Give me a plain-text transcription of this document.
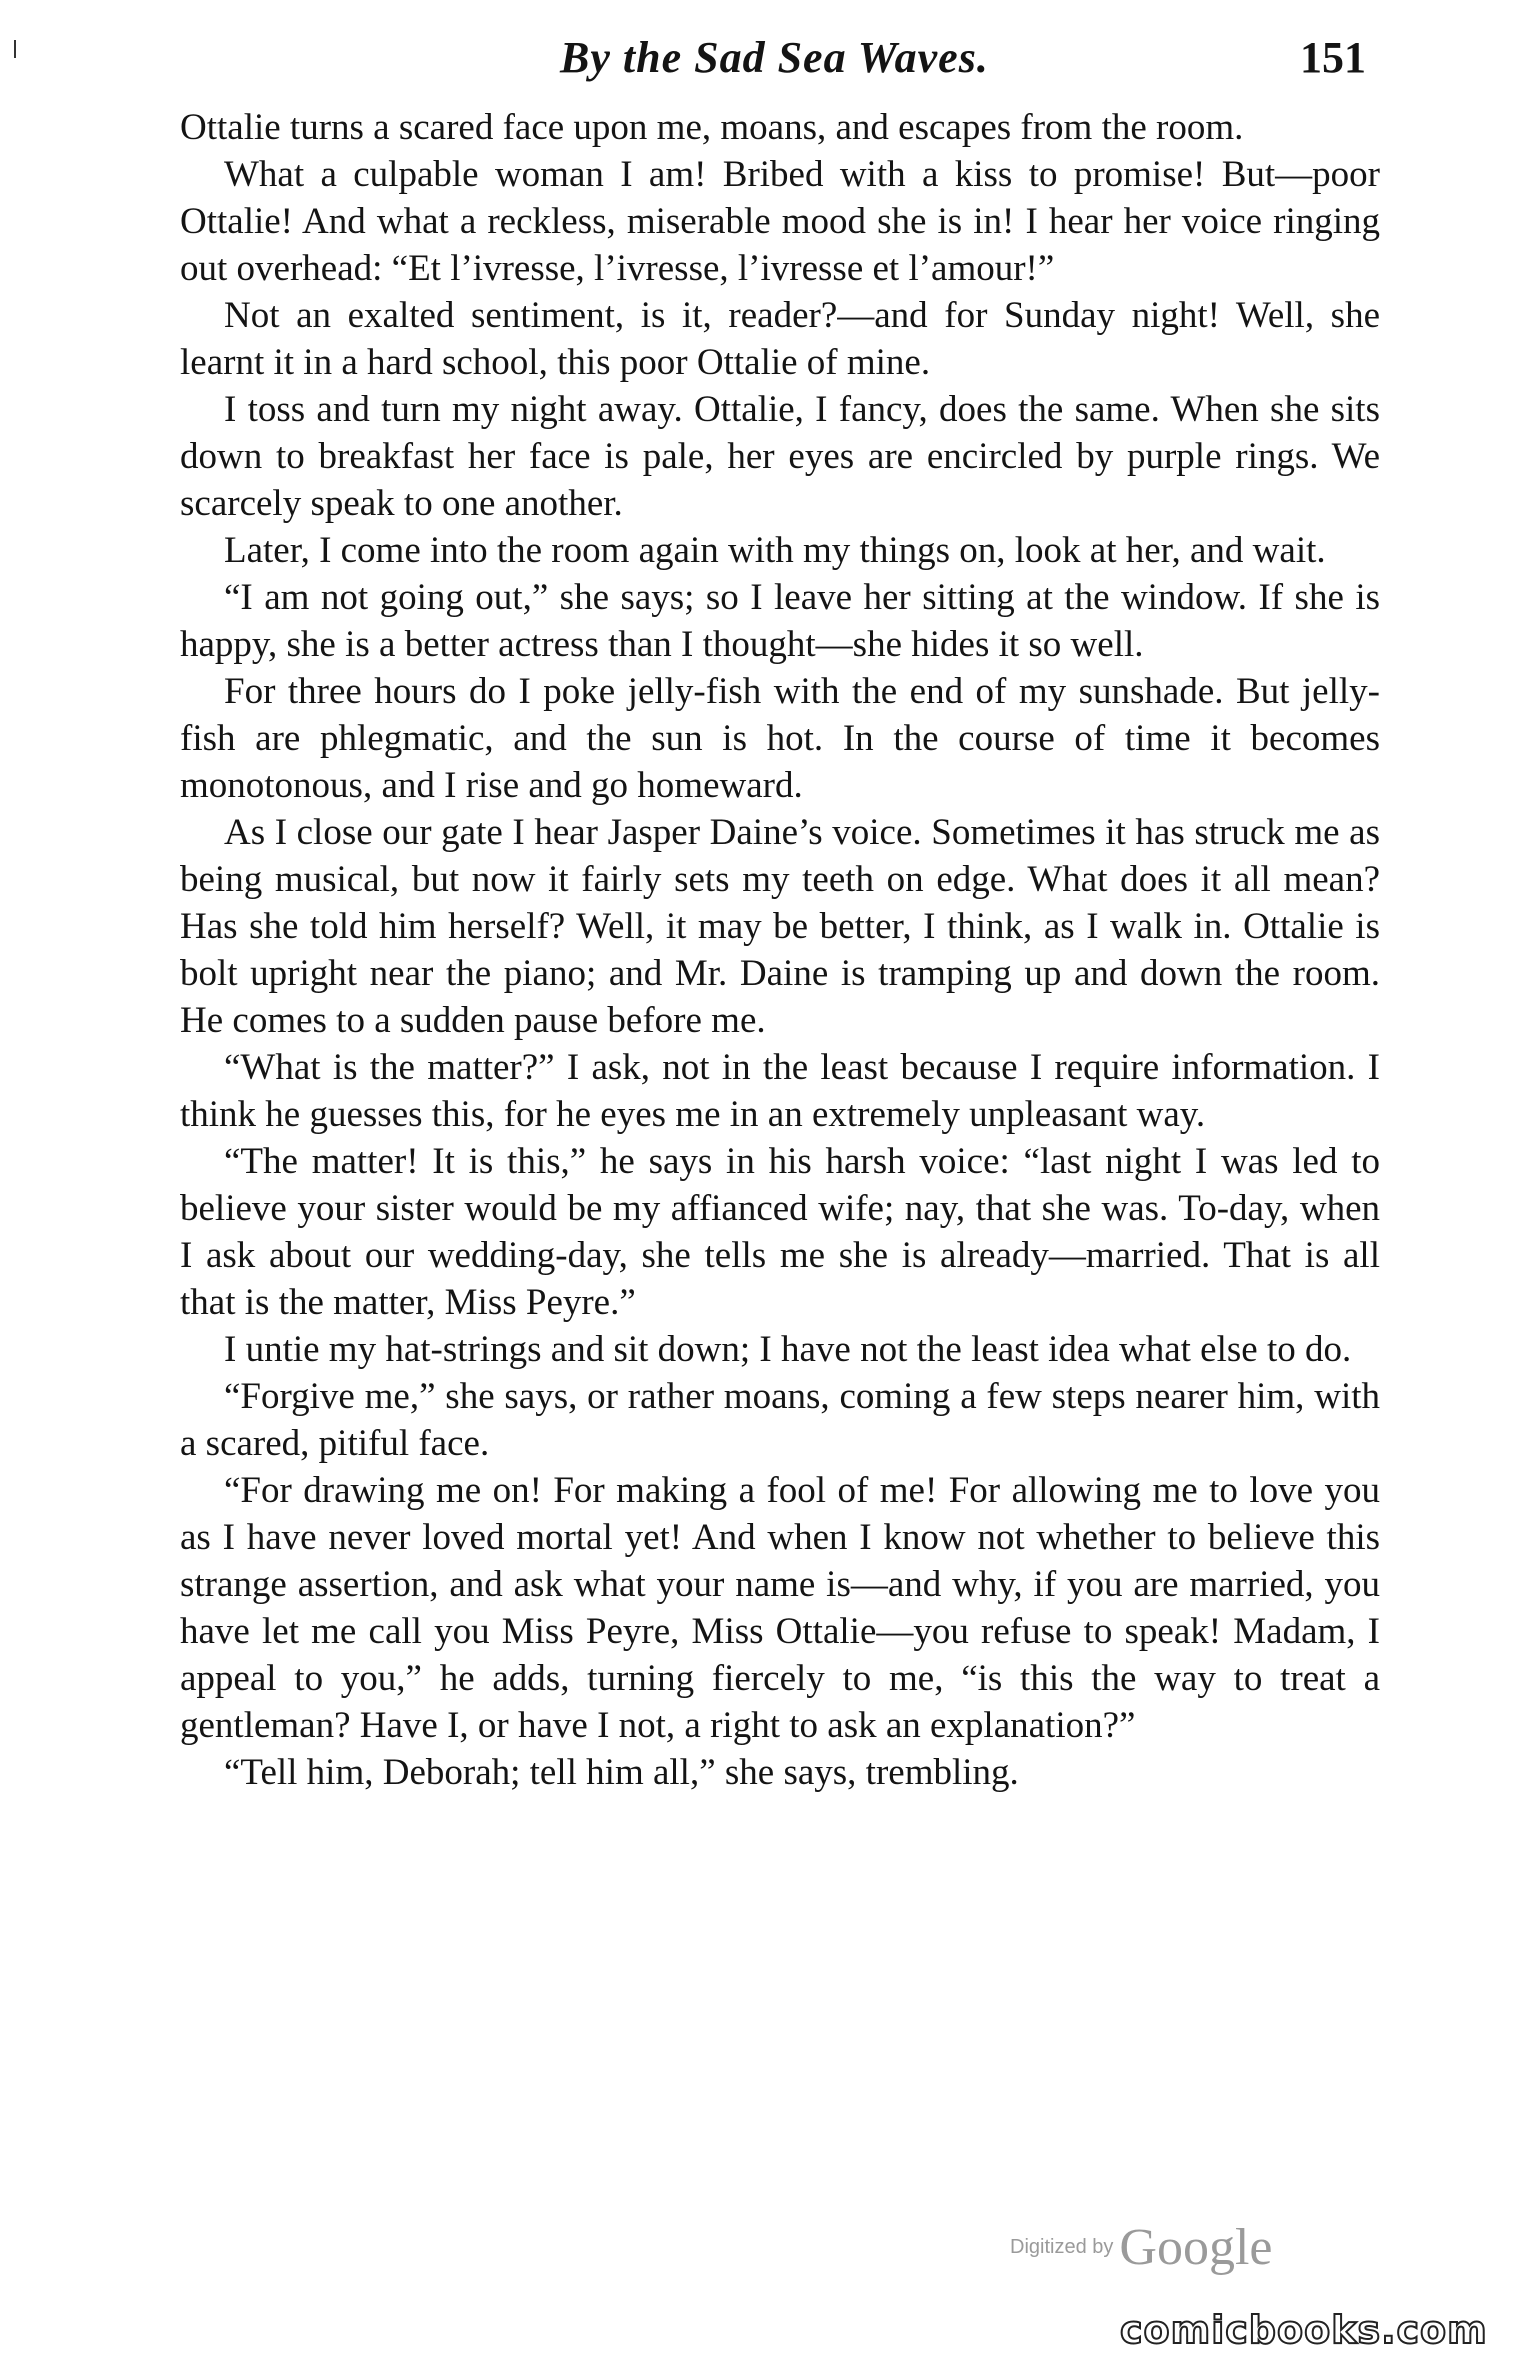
By the Sad Sea Waves.	151

Ottalie turns a scared face upon me, moans, and escapes from the room.

What a culpable woman I am! Bribed with a kiss to promise! But—poor Ottalie! And what a reckless, miserable mood she is in! I hear her voice ringing out overhead: “Et l’ivresse, l’ivresse, l’ivresse et l’amour!”

Not an exalted sentiment, is it, reader?—and for Sunday night! Well, she learnt it in a hard school, this poor Ottalie of mine.

I toss and turn my night away. Ottalie, I fancy, does the same. When she sits down to breakfast her face is pale, her eyes are encircled by purple rings. We scarcely speak to one another.

Later, I come into the room again with my things on, look at her, and wait.

“I am not going out,” she says; so I leave her sitting at the window. If she is happy, she is a better actress than I thought—she hides it so well.

For three hours do I poke jelly-fish with the end of my sunshade. But jelly-fish are phlegmatic, and the sun is hot. In the course of time it becomes monotonous, and I rise and go homeward.

As I close our gate I hear Jasper Daine’s voice. Sometimes it has struck me as being musical, but now it fairly sets my teeth on edge. What does it all mean? Has she told him herself? Well, it may be better, I think, as I walk in. Ottalie is bolt upright near the piano; and Mr. Daine is tramping up and down the room. He comes to a sudden pause before me.

“What is the matter?” I ask, not in the least because I require information. I think he guesses this, for he eyes me in an extremely unpleasant way.

“The matter! It is this,” he says in his harsh voice: “last night I was led to believe your sister would be my affianced wife; nay, that she was. To-day, when I ask about our wedding-day, she tells me she is already—married. That is all that is the matter, Miss Peyre.”

I untie my hat-strings and sit down; I have not the least idea what else to do.

“Forgive me,” she says, or rather moans, coming a few steps nearer him, with a scared, pitiful face.

“For drawing me on! For making a fool of me! For allowing me to love you as I have never loved mortal yet! And when I know not whether to believe this strange assertion, and ask what your name is—and why, if you are married, you have let me call you Miss Peyre, Miss Ottalie—you refuse to speak! Madam, I appeal to you,” he adds, turning fiercely to me, “is this the way to treat a gentleman? Have I, or have I not, a right to ask an explanation?”

“Tell him, Deborah; tell him all,” she says, trembling.

Digitized by Google
comicbooks.com
